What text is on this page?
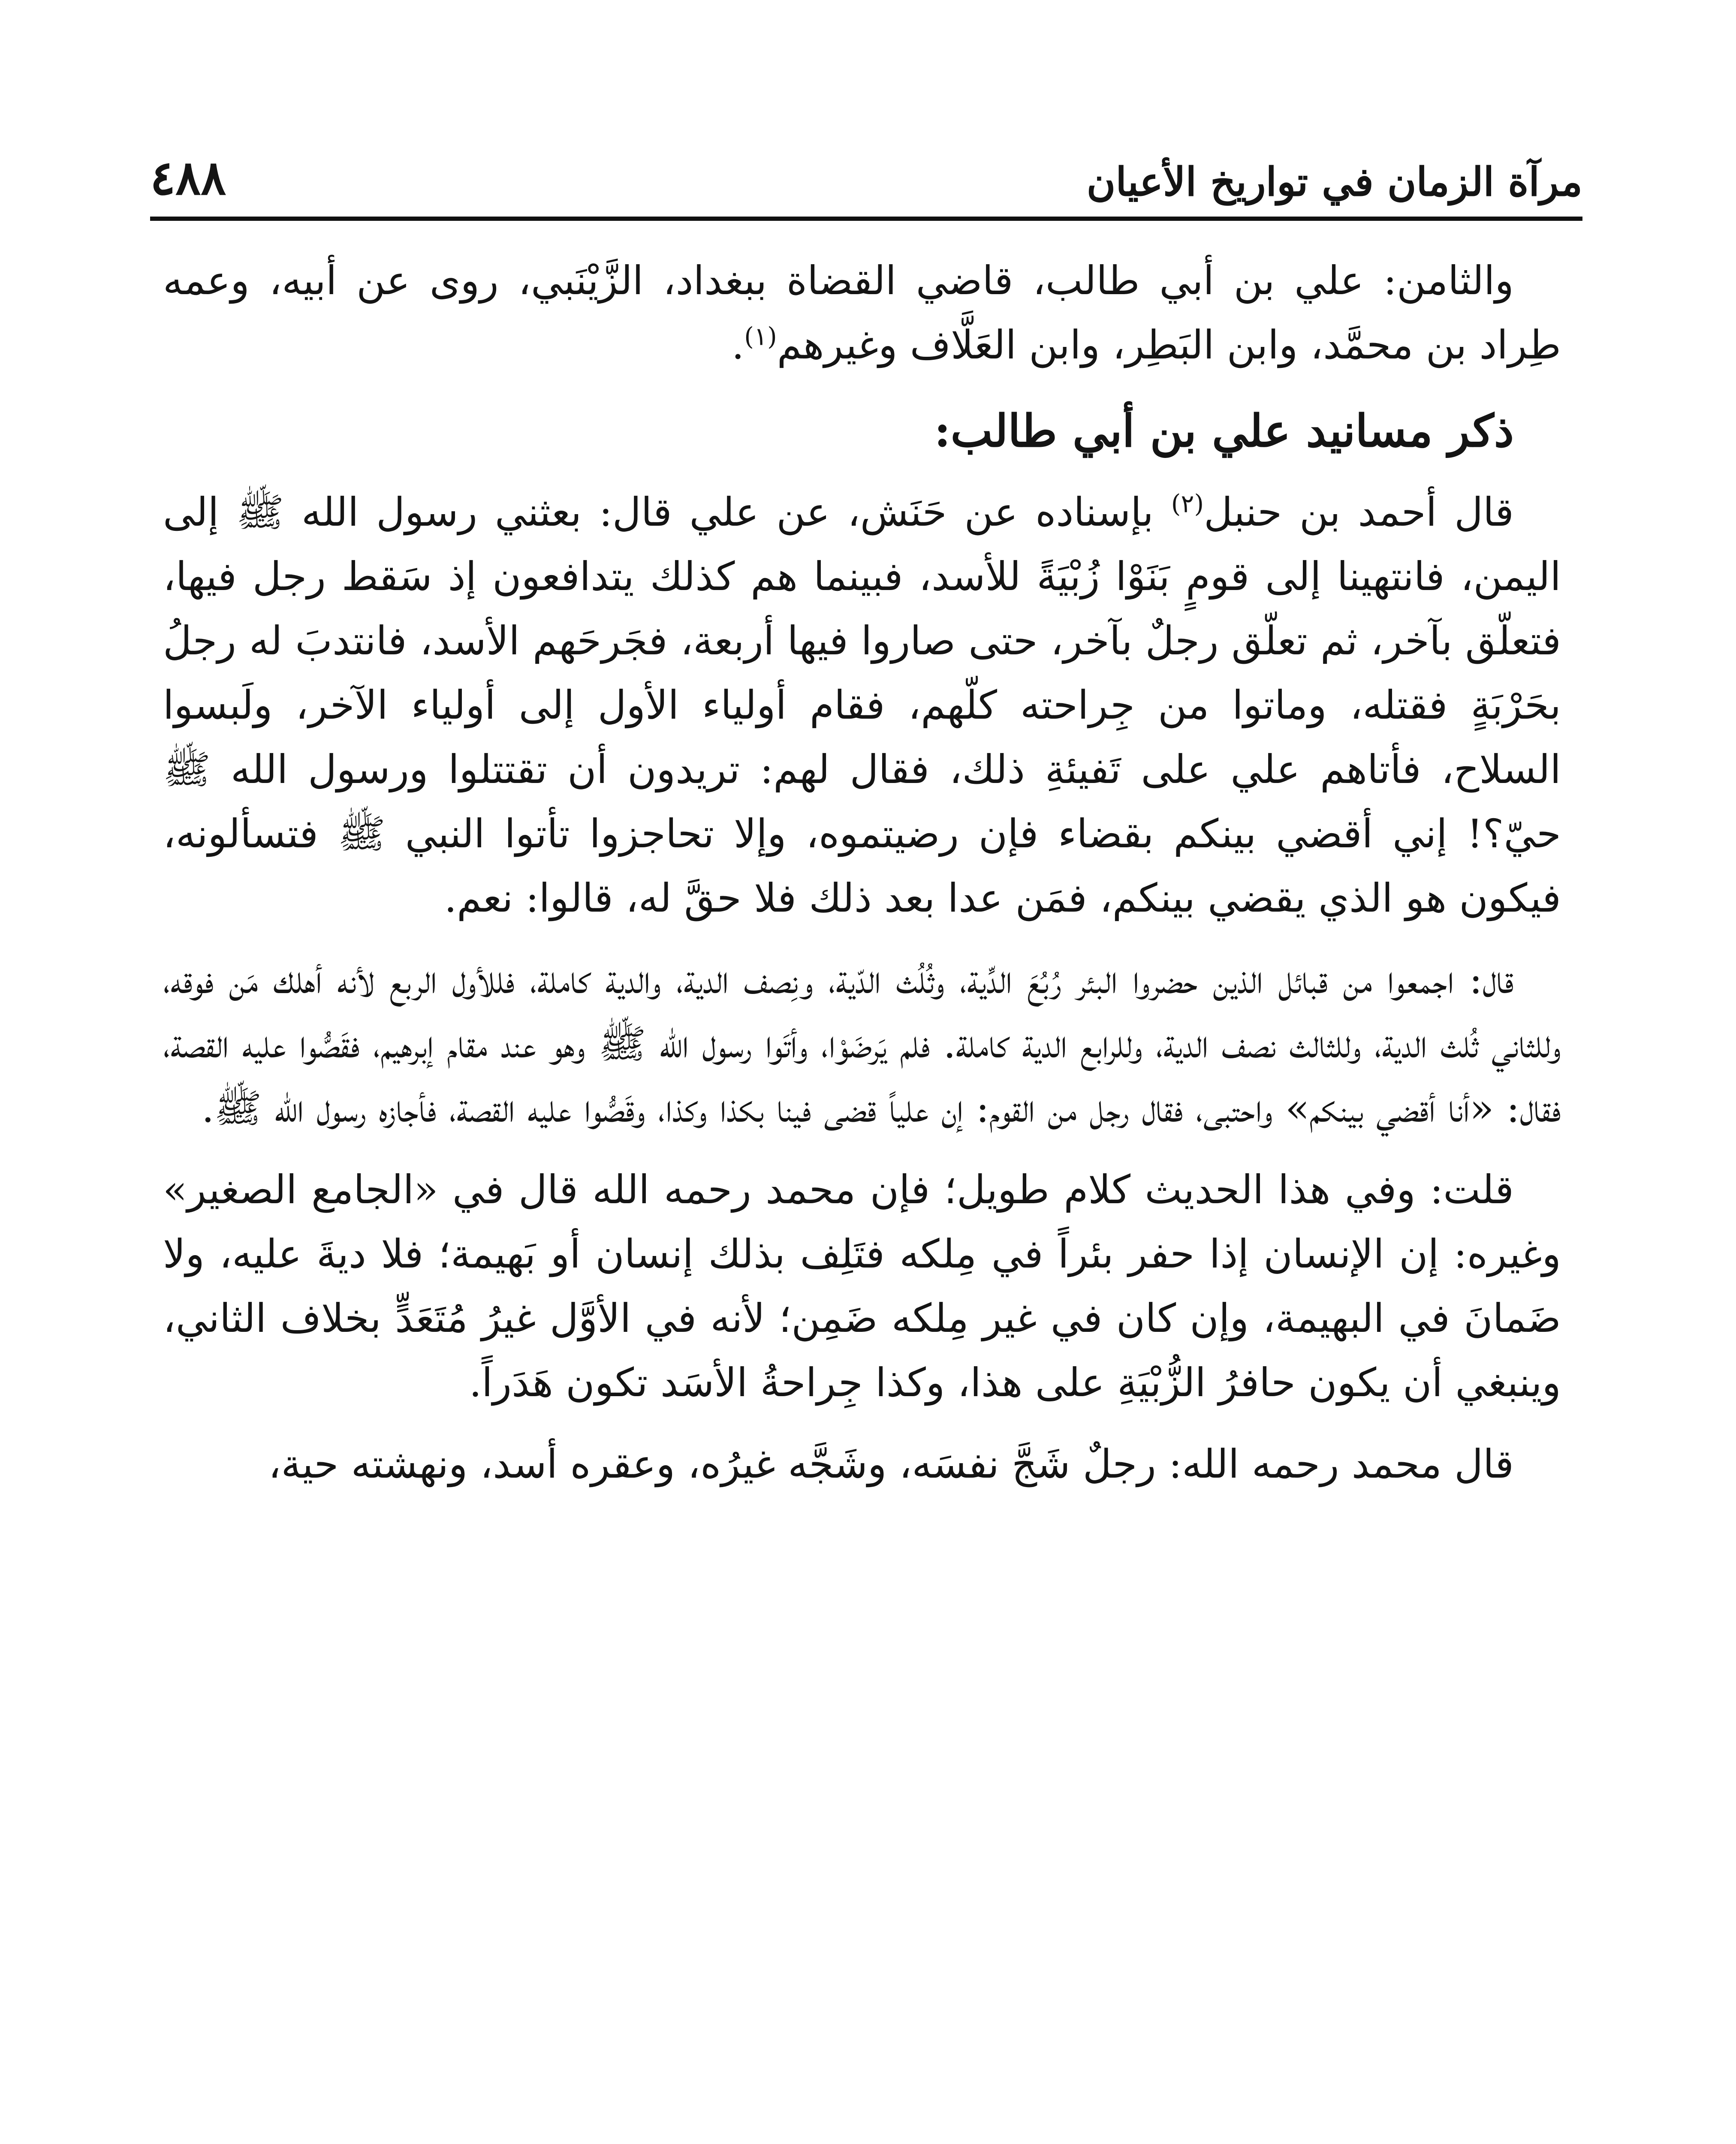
مرآة الزمان في تواريخ الأعيان
٤٨٨

والثامن: علي بن أبي طالب، قاضي القضاة ببغداد، الزَّيْنَبي، روى عن أبيه، وعمه طِراد بن محمَّد، وابن البَطِر، وابن العَلَّاف وغيرهم$^{(١)}$.

ذكر مسانيد علي بن أبي طالب:

قال أحمد بن حنبل$^{(٢)}$ بإسناده عن حَنَش، عن علي قال: بعثني رسول الله ﷺ إلى اليمن، فانتهينا إلى قومٍ بَنَوْا زُبْيَةً للأسد، فبينما هم كذلك يتدافعون إذ سَقط رجل فيها، فتعلّق بآخر، ثم تعلّق رجلٌ بآخر، حتى صاروا فيها أربعة، فجَرحَهم الأسد، فانتدبَ له رجلُ بحَرْبَةٍ فقتله، وماتوا من جِراحته كلّهم، فقام أولياء الأول إلى أولياء الآخر، ولَبسوا السلاح، فأتاهم علي على تَفيئةِ ذلك، فقال لهم: تريدون أن تقتتلوا ورسول الله ﷺ حيّ؟! إني أقضي بينكم بقضاء فإن رضيتموه، وإلا تحاجزوا تأتوا النبي ﷺ فتسألونه، فيكون هو الذي يقضي بينكم، فمَن عدا بعد ذلك فلا حقَّ له، قالوا: نعم.

قال: اجمعوا من قبائل الذين حضروا البئر رُبُعَ الدِّية، وثُلُث الدّية، ونِصف الدية، والدية كاملة، فللأول الربع لأنه أهلك مَن فوقه، وللثاني ثُلث الدية، وللثالث نصف الدية، وللرابع الدية كاملة. فلم يَرضَوْا، وأتَوا رسول الله ﷺ وهو عند مقام إبرهيم، فقَصُّوا عليه القصة، فقال: «أنا أقضي بينكم» واحتبى، فقال رجل من القوم: إن علياً قضى فينا بكذا وكذا، وقَصُّوا عليه القصة، فأجازه رسول الله ﷺ.

قلت: وفي هذا الحديث كلام طويل؛ فإن محمد رحمه الله قال في «الجامع الصغير» وغيره: إن الإنسان إذا حفر بئراً في مِلكه فتَلِف بذلك إنسان أو بَهيمة؛ فلا ديةَ عليه، ولا ضَمانَ في البهيمة، وإن كان في غير مِلكه ضَمِن؛ لأنه في الأوَّل غيرُ مُتَعَدٍّ بخلاف الثاني، وينبغي أن يكون حافرُ الزُّبْيَةِ على هذا، وكذا جِراحةُ الأسَد تكون هَدَراً.

قال محمد رحمه الله: رجلٌ شَجَّ نفسَه، وشَجَّه غيرُه، وعقره أسد، ونهشته حية،
